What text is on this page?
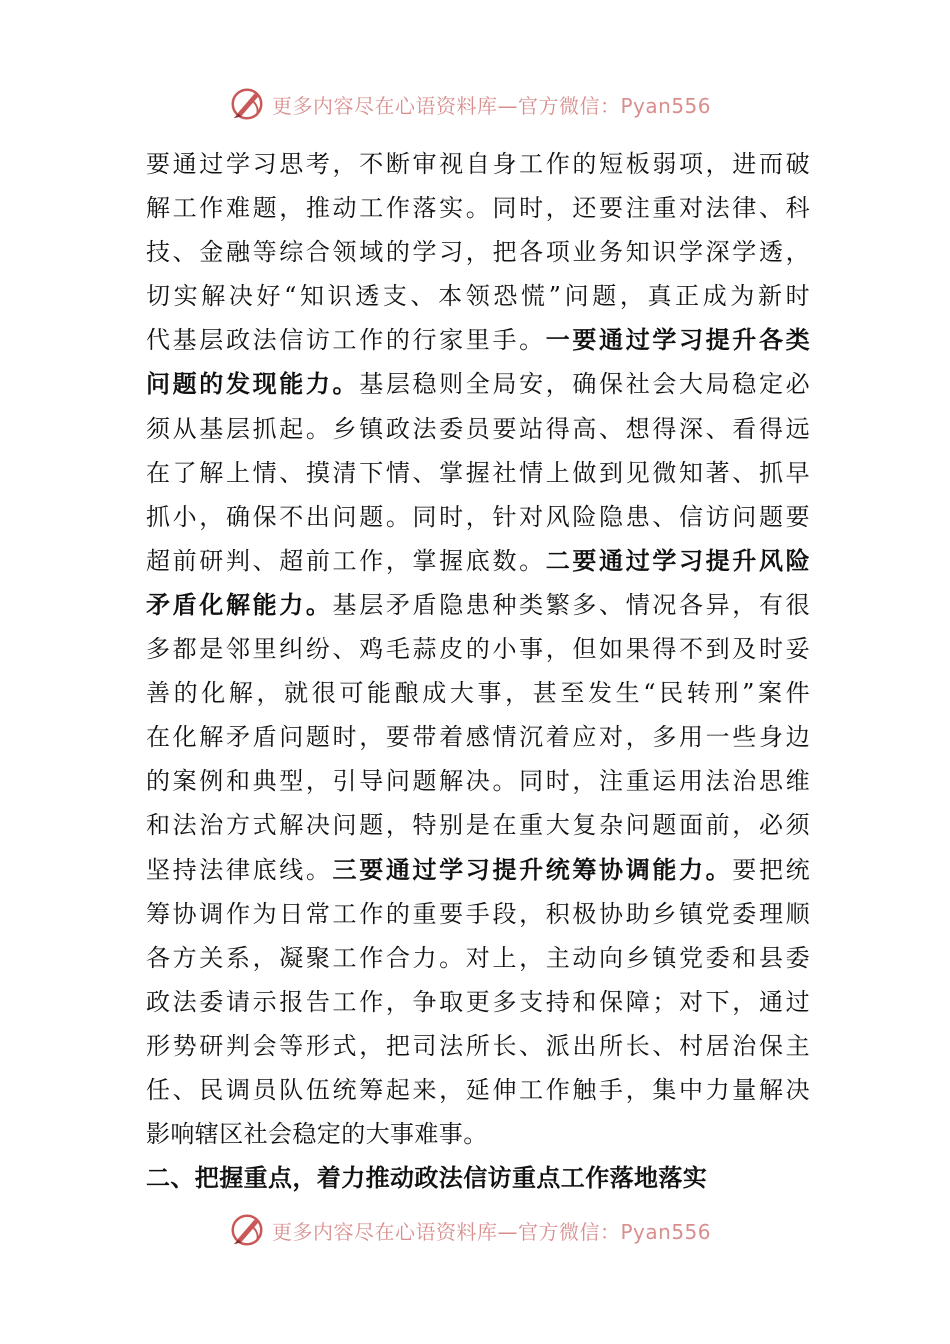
更多内容尽在心语资料库—官方微信：Pyan556
要通过学习思考，不断审视自身工作的短板弱项，进而破
解工作难题，推动工作落实。同时，还要注重对法律、科
技、金融等综合领域的学习，把各项业务知识学深学透，
切实解决好“知识透支、本领恐慌”问题，真正成为新时
代基层政法信访工作的行家里手。一要通过学习提升各类
问题的发现能力。基层稳则全局安，确保社会大局稳定必
须从基层抓起。乡镇政法委员要站得高、想得深、看得远
在了解上情、摸清下情、掌握社情上做到见微知著、抓早
抓小，确保不出问题。同时，针对风险隐患、信访问题要
超前研判、超前工作，掌握底数。二要通过学习提升风险
矛盾化解能力。基层矛盾隐患种类繁多、情况各异，有很
多都是邻里纠纷、鸡毛蒜皮的小事，但如果得不到及时妥
善的化解，就很可能酿成大事，甚至发生“民转刑”案件
在化解矛盾问题时，要带着感情沉着应对，多用一些身边
的案例和典型，引导问题解决。同时，注重运用法治思维
和法治方式解决问题，特别是在重大复杂问题面前，必须
坚持法律底线。三要通过学习提升统筹协调能力。要把统
筹协调作为日常工作的重要手段，积极协助乡镇党委理顺
各方关系，凝聚工作合力。对上，主动向乡镇党委和县委
政法委请示报告工作，争取更多支持和保障；对下，通过
形势研判会等形式，把司法所长、派出所长、村居治保主
任、民调员队伍统筹起来，延伸工作触手，集中力量解决
影响辖区社会稳定的大事难事。
二、把握重点，着力推动政法信访重点工作落地落实
更多内容尽在心语资料库—官方微信：Pyan556
